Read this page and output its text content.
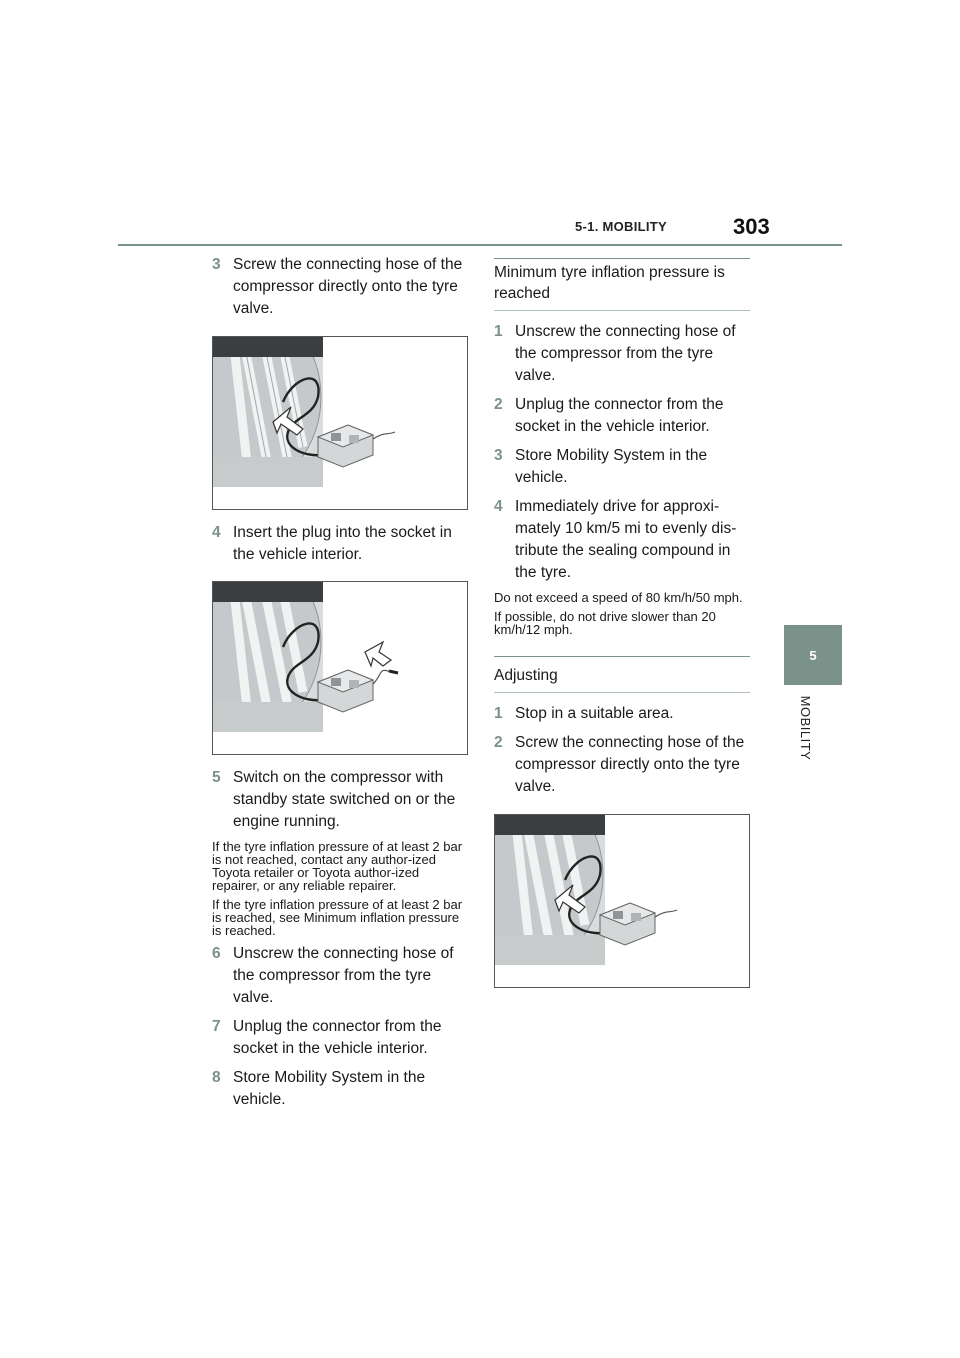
5-1. MOBILITY	303
5
MOBILITY
3 Screw the connecting hose of the compressor directly onto the tyre valve.
4 Insert the plug into the socket in the vehicle interior.
5 Switch on the compressor with standby state switched on or the engine running.

If the tyre inflation pressure of at least 2 bar is not reached, contact any author-ized Toyota retailer or Toyota author-ized repairer, or any reliable repairer.

If the tyre inflation pressure of at least 2 bar is reached, see Minimum inflation pressure is reached.

6 Unscrew the connecting hose of the compressor from the tyre valve.
7 Unplug the connector from the socket in the vehicle interior.
8 Store Mobility System in the vehicle.
Minimum tyre inflation pressure is reached
1 Unscrew the connecting hose of the compressor from the tyre valve.
2 Unplug the connector from the socket in the vehicle interior.
3 Store Mobility System in the vehicle.
4 Immediately drive for approxi-mately 10 km/5 mi to evenly dis-tribute the sealing compound in the tyre.

Do not exceed a speed of 80 km/h/50 mph.

If possible, do not drive slower than 20 km/h/12 mph.

Adjusting
1 Stop in a suitable area.
2 Screw the connecting hose of the compressor directly onto the tyre valve.
